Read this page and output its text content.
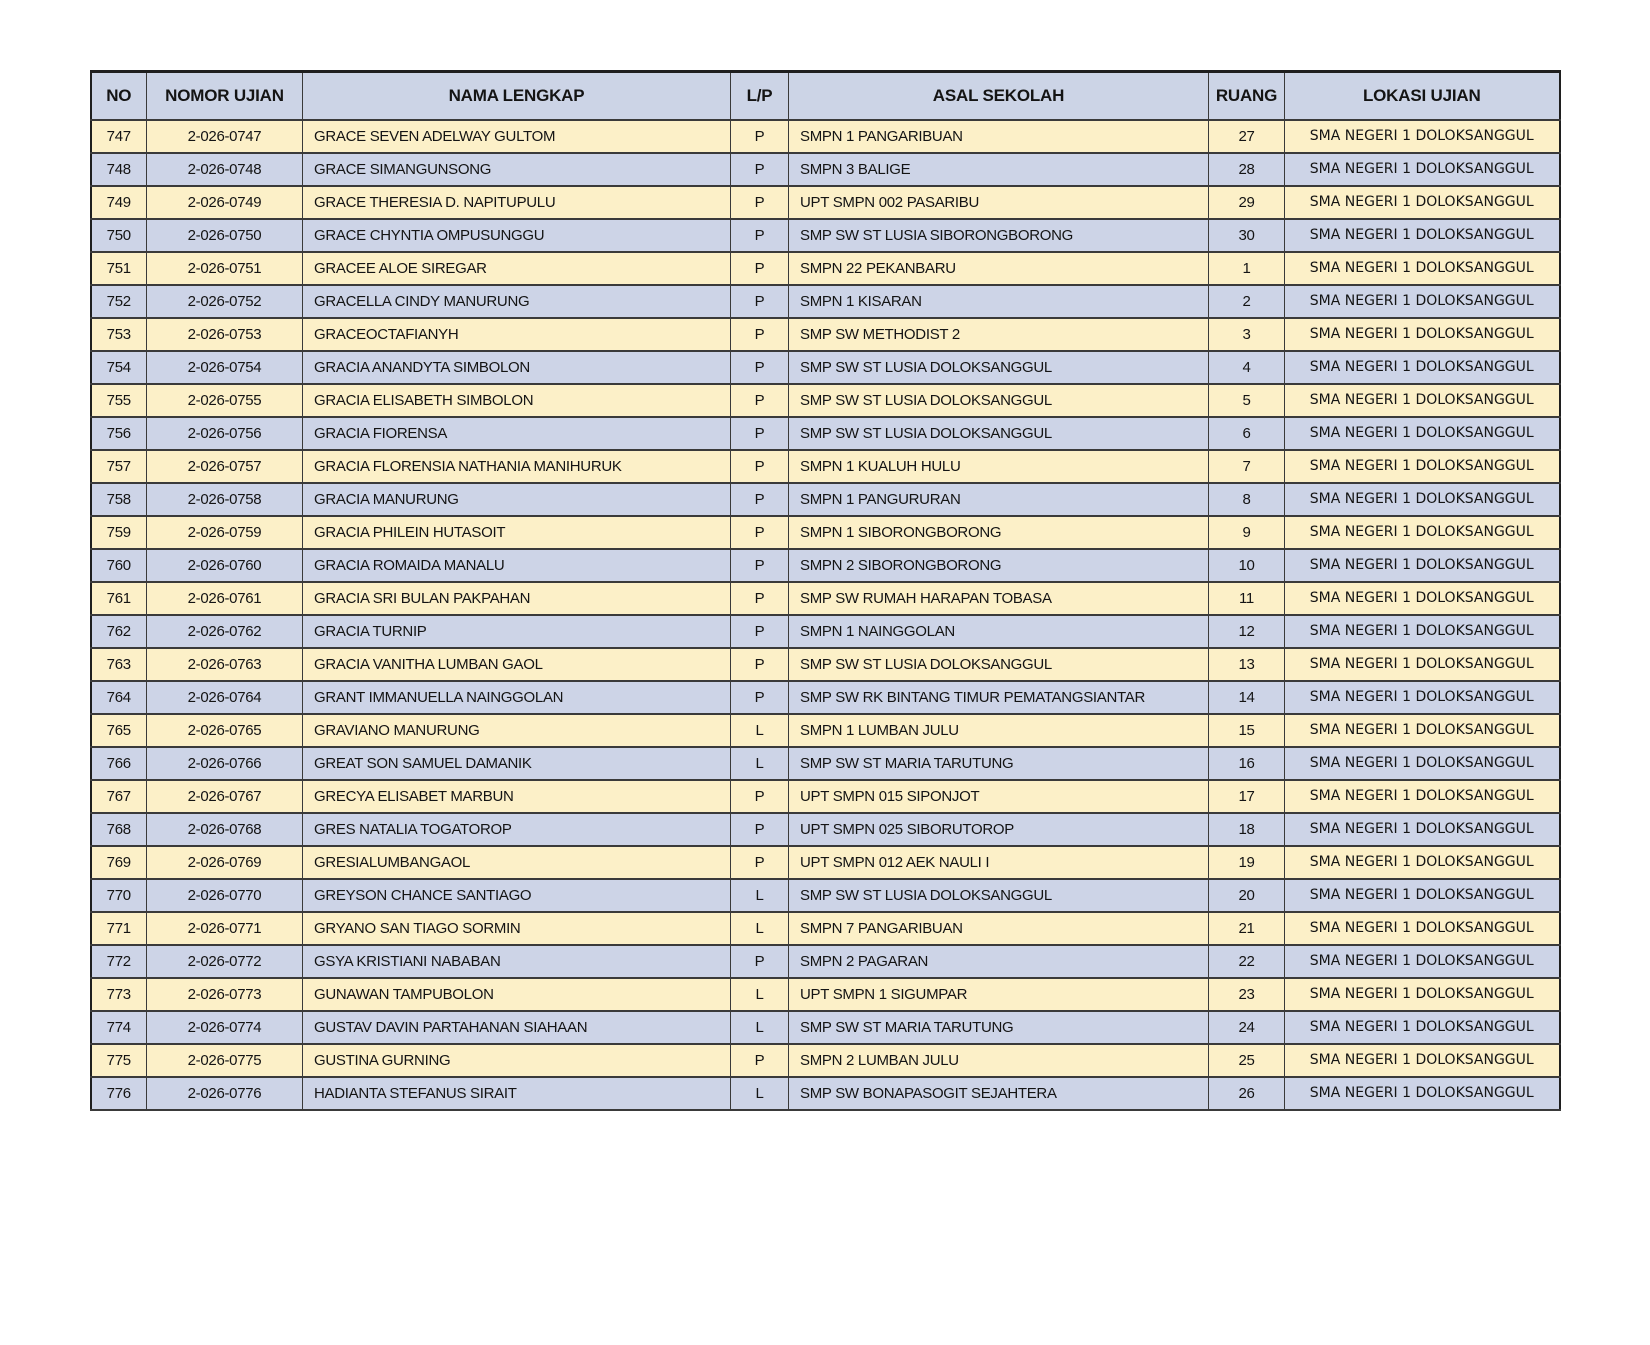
NO	NOMOR UJIAN	NAMA LENGKAP	L/P	ASAL SEKOLAH	RUANG	LOKASI UJIAN
747	2-026-0747	GRACE SEVEN ADELWAY GULTOM	P	SMPN 1 PANGARIBUAN	27	SMA NEGERI 1 DOLOKSANGGUL
748	2-026-0748	GRACE SIMANGUNSONG	P	SMPN 3 BALIGE	28	SMA NEGERI 1 DOLOKSANGGUL
749	2-026-0749	GRACE THERESIA D. NAPITUPULU	P	UPT SMPN 002 PASARIBU	29	SMA NEGERI 1 DOLOKSANGGUL
750	2-026-0750	GRACE CHYNTIA OMPUSUNGGU	P	SMP SW ST LUSIA SIBORONGBORONG	30	SMA NEGERI 1 DOLOKSANGGUL
751	2-026-0751	GRACEE ALOE SIREGAR	P	SMPN 22 PEKANBARU	1	SMA NEGERI 1 DOLOKSANGGUL
752	2-026-0752	GRACELLA CINDY MANURUNG	P	SMPN 1 KISARAN	2	SMA NEGERI 1 DOLOKSANGGUL
753	2-026-0753	GRACEOCTAFIANYH	P	SMP SW METHODIST 2	3	SMA NEGERI 1 DOLOKSANGGUL
754	2-026-0754	GRACIA ANANDYTA SIMBOLON	P	SMP SW ST LUSIA DOLOKSANGGUL	4	SMA NEGERI 1 DOLOKSANGGUL
755	2-026-0755	GRACIA ELISABETH SIMBOLON	P	SMP SW ST LUSIA DOLOKSANGGUL	5	SMA NEGERI 1 DOLOKSANGGUL
756	2-026-0756	GRACIA FIORENSA	P	SMP SW ST LUSIA DOLOKSANGGUL	6	SMA NEGERI 1 DOLOKSANGGUL
757	2-026-0757	GRACIA FLORENSIA NATHANIA MANIHURUK	P	SMPN 1 KUALUH HULU	7	SMA NEGERI 1 DOLOKSANGGUL
758	2-026-0758	GRACIA MANURUNG	P	SMPN 1 PANGURURAN	8	SMA NEGERI 1 DOLOKSANGGUL
759	2-026-0759	GRACIA PHILEIN HUTASOIT	P	SMPN 1 SIBORONGBORONG	9	SMA NEGERI 1 DOLOKSANGGUL
760	2-026-0760	GRACIA ROMAIDA MANALU	P	SMPN 2 SIBORONGBORONG	10	SMA NEGERI 1 DOLOKSANGGUL
761	2-026-0761	GRACIA SRI BULAN PAKPAHAN	P	SMP SW RUMAH HARAPAN TOBASA	11	SMA NEGERI 1 DOLOKSANGGUL
762	2-026-0762	GRACIA TURNIP	P	SMPN 1 NAINGGOLAN	12	SMA NEGERI 1 DOLOKSANGGUL
763	2-026-0763	GRACIA VANITHA LUMBAN GAOL	P	SMP SW ST LUSIA DOLOKSANGGUL	13	SMA NEGERI 1 DOLOKSANGGUL
764	2-026-0764	GRANT IMMANUELLA NAINGGOLAN	P	SMP SW RK BINTANG TIMUR PEMATANGSIANTAR	14	SMA NEGERI 1 DOLOKSANGGUL
765	2-026-0765	GRAVIANO MANURUNG	L	SMPN 1 LUMBAN JULU	15	SMA NEGERI 1 DOLOKSANGGUL
766	2-026-0766	GREAT SON SAMUEL DAMANIK	L	SMP SW ST MARIA TARUTUNG	16	SMA NEGERI 1 DOLOKSANGGUL
767	2-026-0767	GRECYA ELISABET MARBUN	P	UPT SMPN 015 SIPONJOT	17	SMA NEGERI 1 DOLOKSANGGUL
768	2-026-0768	GRES NATALIA TOGATOROP	P	UPT SMPN 025 SIBORUTOROP	18	SMA NEGERI 1 DOLOKSANGGUL
769	2-026-0769	GRESIALUMBANGAOL	P	UPT SMPN 012 AEK NAULI I	19	SMA NEGERI 1 DOLOKSANGGUL
770	2-026-0770	GREYSON CHANCE SANTIAGO	L	SMP SW ST LUSIA DOLOKSANGGUL	20	SMA NEGERI 1 DOLOKSANGGUL
771	2-026-0771	GRYANO SAN TIAGO SORMIN	L	SMPN 7 PANGARIBUAN	21	SMA NEGERI 1 DOLOKSANGGUL
772	2-026-0772	GSYA KRISTIANI NABABAN	P	SMPN 2 PAGARAN	22	SMA NEGERI 1 DOLOKSANGGUL
773	2-026-0773	GUNAWAN TAMPUBOLON	L	UPT SMPN 1 SIGUMPAR	23	SMA NEGERI 1 DOLOKSANGGUL
774	2-026-0774	GUSTAV DAVIN PARTAHANAN SIAHAAN	L	SMP SW ST MARIA TARUTUNG	24	SMA NEGERI 1 DOLOKSANGGUL
775	2-026-0775	GUSTINA GURNING	P	SMPN 2 LUMBAN JULU	25	SMA NEGERI 1 DOLOKSANGGUL
776	2-026-0776	HADIANTA STEFANUS SIRAIT	L	SMP SW BONAPASOGIT SEJAHTERA	26	SMA NEGERI 1 DOLOKSANGGUL
